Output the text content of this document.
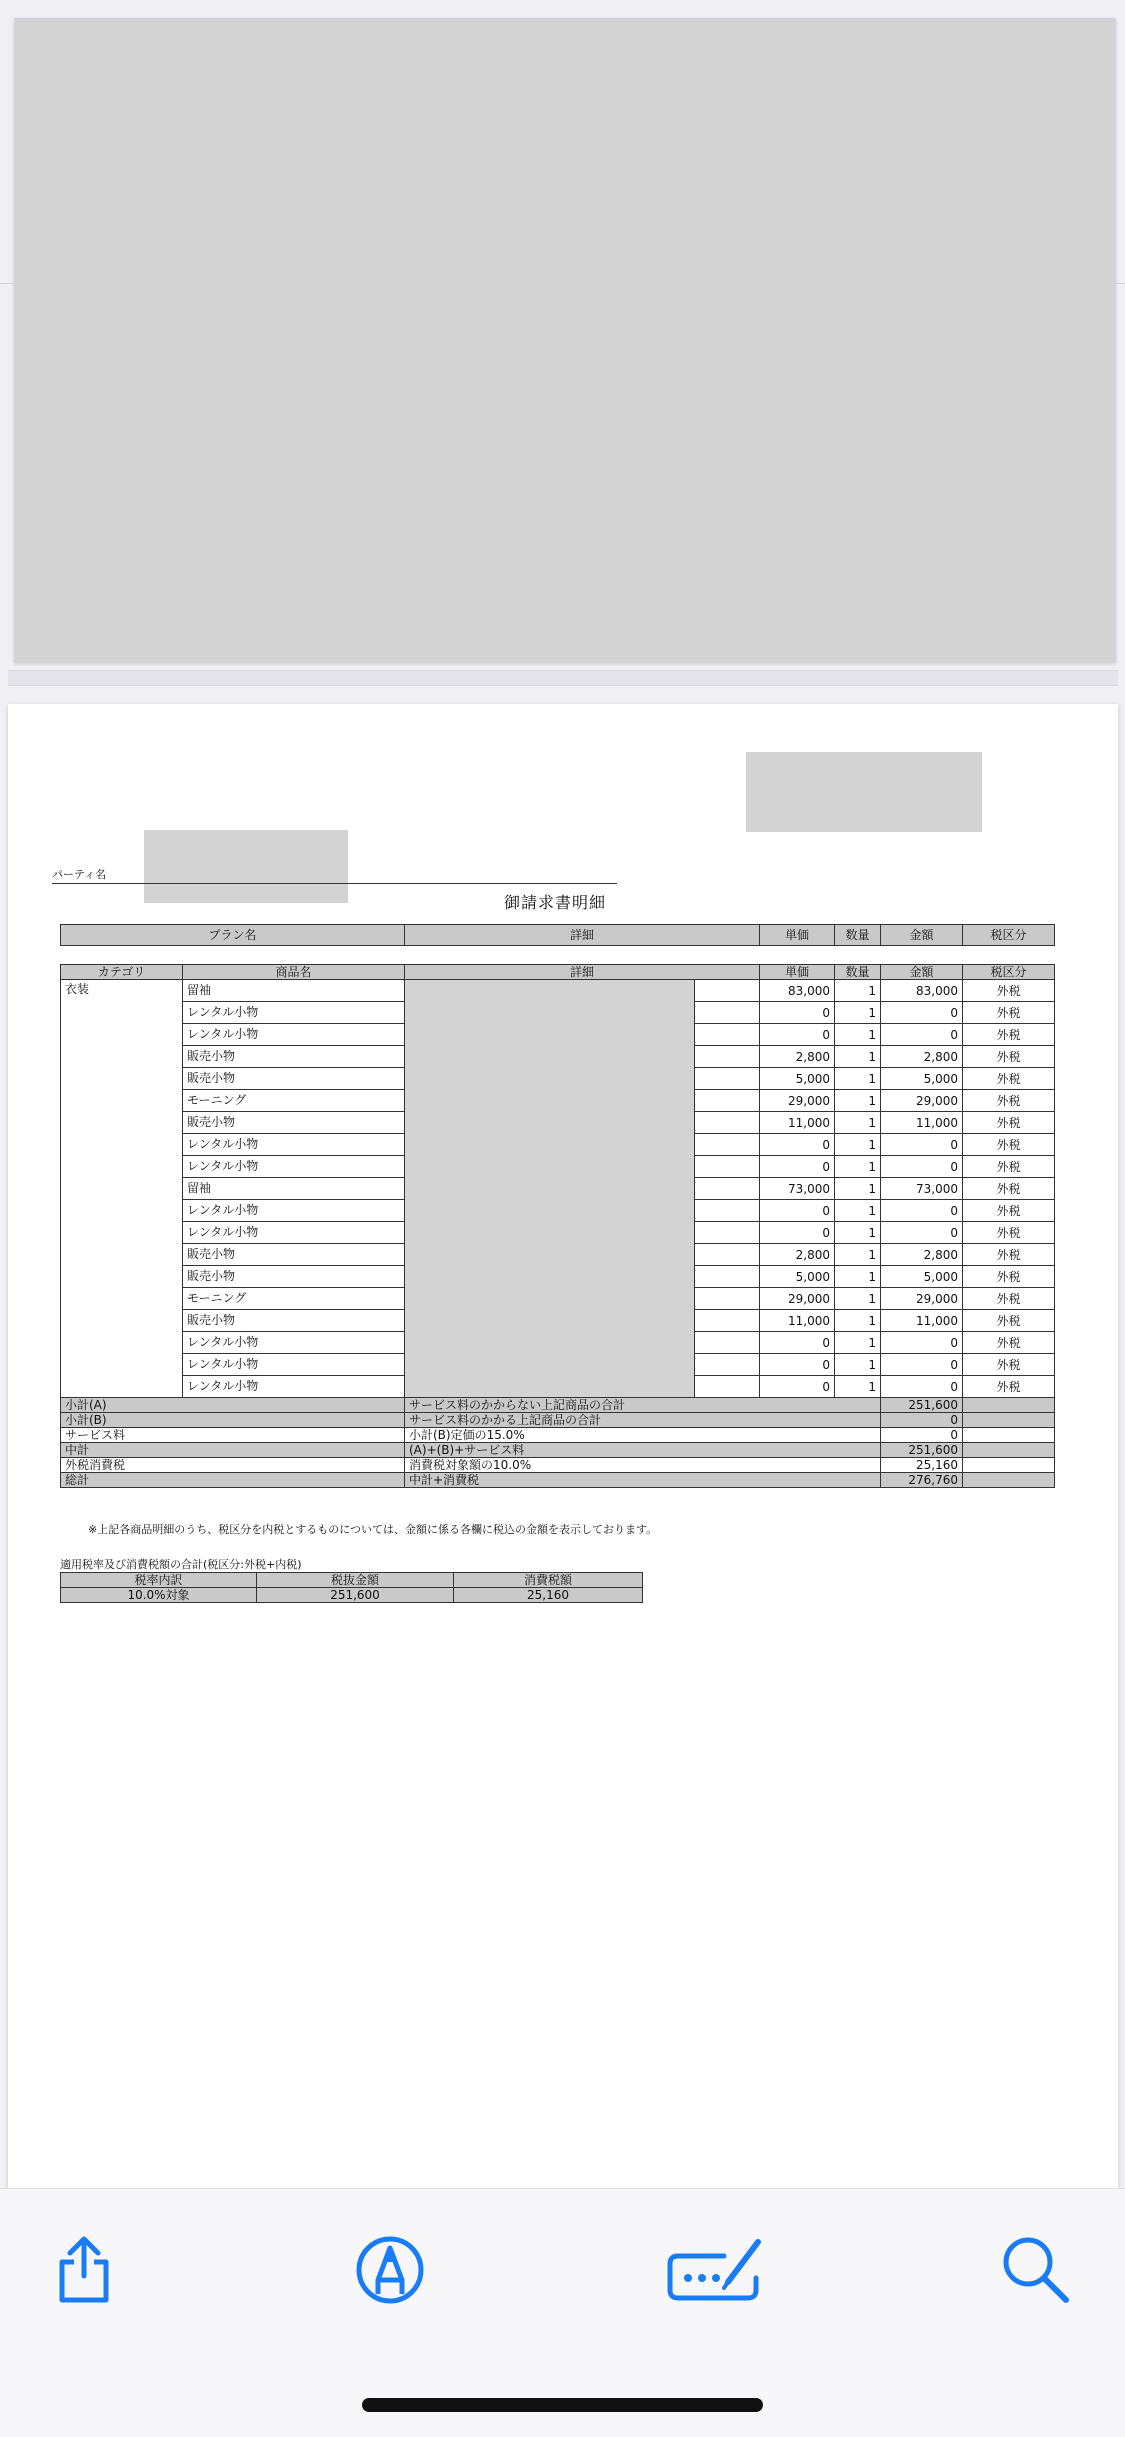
パーティ名
御請求書明細
プラン名	詳細	単価	数量	金額	税区分
カテゴリ	商品名	詳細		単価	数量	金額	税区分
衣装	留袖			83,000	1	83,000	外税
	レンタル小物			0	1	0	外税
	レンタル小物			0	1	0	外税
	販売小物			2,800	1	2,800	外税
	販売小物			5,000	1	5,000	外税
	モーニング			29,000	1	29,000	外税
	販売小物			11,000	1	11,000	外税
	レンタル小物			0	1	0	外税
	レンタル小物			0	1	0	外税
	留袖			73,000	1	73,000	外税
	レンタル小物			0	1	0	外税
	レンタル小物			0	1	0	外税
	販売小物			2,800	1	2,800	外税
	販売小物			5,000	1	5,000	外税
	モーニング			29,000	1	29,000	外税
	販売小物			11,000	1	11,000	外税
	レンタル小物			0	1	0	外税
	レンタル小物			0	1	0	外税
	レンタル小物			0	1	0	外税
小計(A)		サービス料のかからない上記商品の合計				251,600	
小計(B)		サービス料のかかる上記商品の合計				0	
サービス料		小計(B)定価の15.0%				0	
中計		(A)+(B)+サービス料				251,600	
外税消費税		消費税対象額の10.0%				25,160	
総計		中計+消費税				276,760	
※上記各商品明細のうち、税区分を内税とするものについては、金額に係る各欄に税込の金額を表示しております。
適用税率及び消費税額の合計(税区分:外税+内税)
税率内訳	税抜金額	消費税額
10.0%対象	251,600	25,160
